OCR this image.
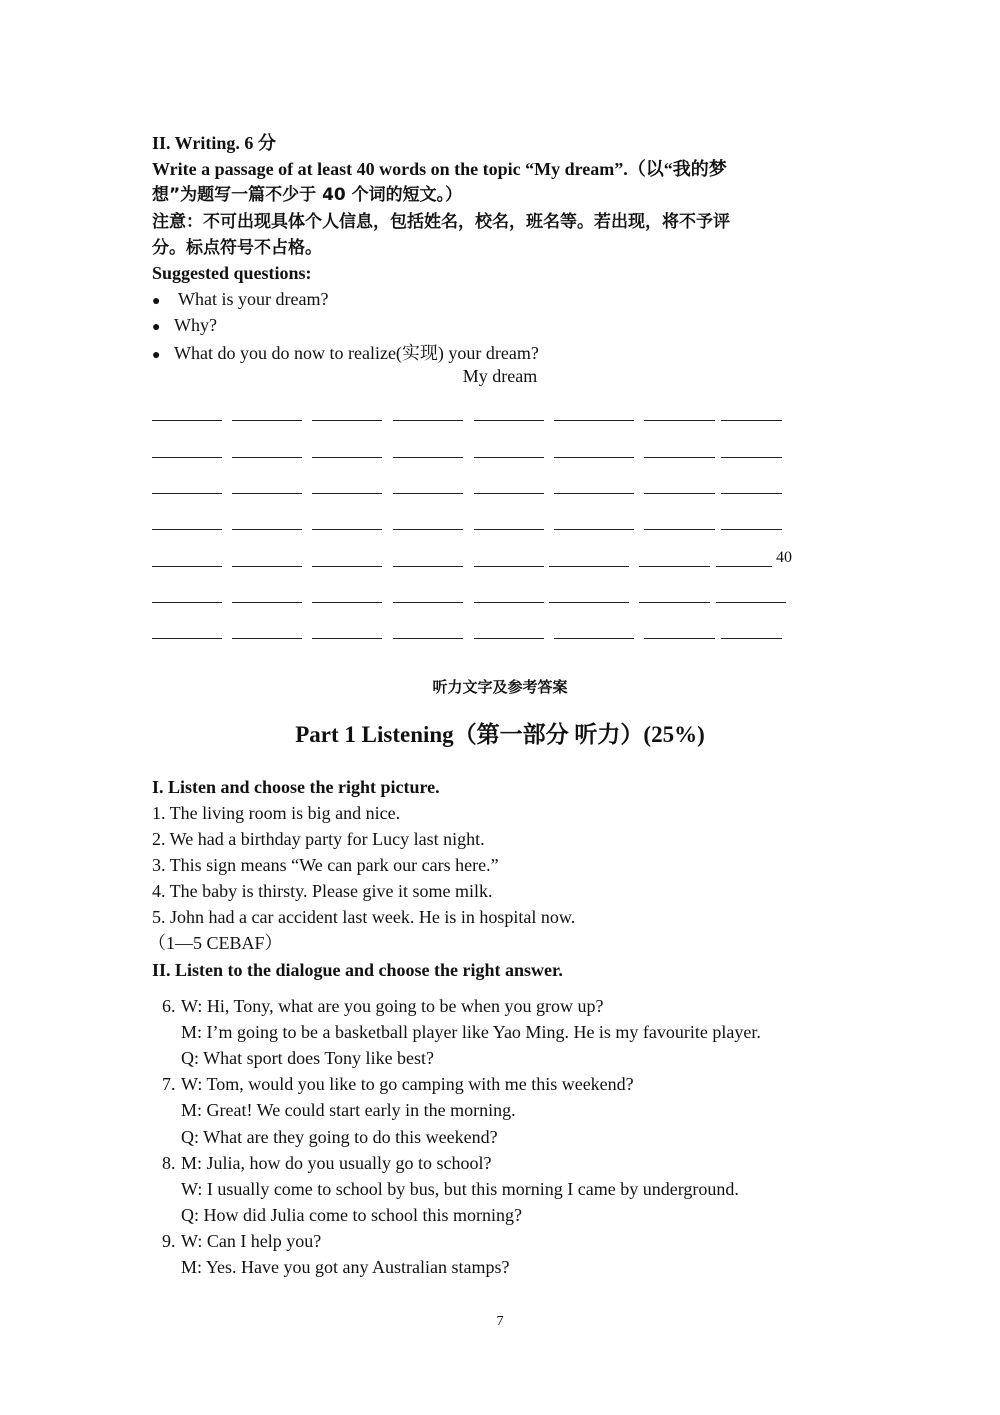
II. Writing. 6 分
Write a passage of at least 40 words on the topic “My dream”.（以“我的梦
想”为题写一篇不少于 40 个词的短文。）
注意：不可出现具体个人信息，包括姓名，校名，班名等。若出现，将不予评
分。标点符号不占格。
Suggested questions:
● What is your dream?
● Why?
● What do you do now to realize(实现) your dream?
My dream
40
听力文字及参考答案
Part 1 Listening（第一部分 听力）(25%)
I. Listen and choose the right picture.
1. The living room is big and nice.
2. We had a birthday party for Lucy last night.
3. This sign means “We can park our cars here.”
4. The baby is thirsty. Please give it some milk.
5. John had a car accident last week. He is in hospital now.
（1—5 CEBAF）
II. Listen to the dialogue and choose the right answer.
6. W: Hi, Tony, what are you going to be when you grow up?
M: I’m going to be a basketball player like Yao Ming. He is my favourite player.
Q: What sport does Tony like best?
7. W: Tom, would you like to go camping with me this weekend?
M: Great! We could start early in the morning.
Q: What are they going to do this weekend?
8. M: Julia, how do you usually go to school?
W: I usually come to school by bus, but this morning I came by underground.
Q: How did Julia come to school this morning?
9. W: Can I help you?
M: Yes. Have you got any Australian stamps?
7
